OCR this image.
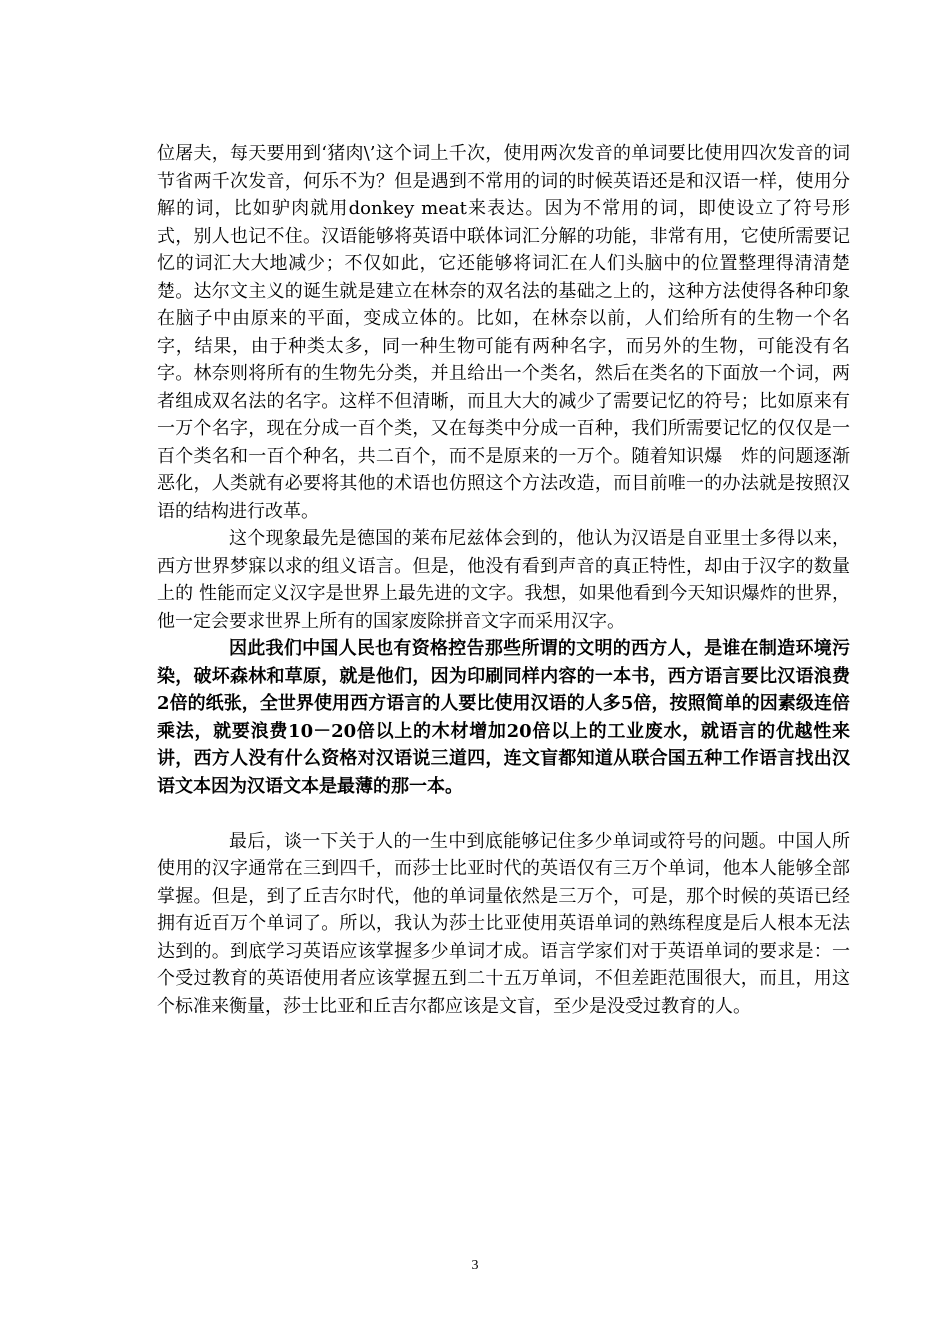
位屠夫，每天要用到‘猪肉\’这个词上千次，使用两次发音的单词要比使用四次发音的词节省两千次发音，何乐不为？但是遇到不常用的词的时候英语还是和汉语一样，使用分解的词，比如驴肉就用donkey meat来表达。因为不常用的词，即使设立了符号形式，别人也记不住。汉语能够将英语中联体词汇分解的功能，非常有用，它使所需要记忆的词汇大大地减少；不仅如此，它还能够将词汇在人们头脑中的位置整理得清清楚楚。达尔文主义的诞生就是建立在林奈的双名法的基础之上的，这种方法使得各种印象在脑子中由原来的平面，变成立体的。比如，在林奈以前，人们给所有的生物一个名字，结果，由于种类太多，同一种生物可能有两种名字，而另外的生物，可能没有名字。林奈则将所有的生物先分类，并且给出一个类名，然后在类名的下面放一个词，两者组成双名法的名字。这样不但清晰，而且大大的减少了需要记忆的符号；比如原来有一万个名字，现在分成一百个类，又在每类中分成一百种，我们所需要记忆的仅仅是一百个类名和一百个种名，共二百个，而不是原来的一万个。随着知识爆　炸的问题逐渐恶化，人类就有必要将其他的术语也仿照这个方法改造，而目前唯一的办法就是按照汉语的结构进行改革。

这个现象最先是德国的莱布尼兹体会到的，他认为汉语是自亚里士多得以来，西方世界梦寐以求的组义语言。但是，他没有看到声音的真正特性，却由于汉字的数量上的 性能而定义汉字是世界上最先进的文字。我想，如果他看到今天知识爆炸的世界，他一定会要求世界上所有的国家废除拼音文字而采用汉字。

因此我们中国人民也有资格控告那些所谓的文明的西方人，是谁在制造环境污染，破坏森林和草原，就是他们，因为印刷同样内容的一本书，西方语言要比汉语浪费2倍的纸张，全世界使用西方语言的人要比使用汉语的人多5倍，按照简单的因素级连倍乘法，就要浪费10－20倍以上的木材增加20倍以上的工业废水，就语言的优越性来讲，西方人没有什么资格对汉语说三道四，连文盲都知道从联合国五种工作语言找出汉语文本因为汉语文本是最薄的那一本。

最后，谈一下关于人的一生中到底能够记住多少单词或符号的问题。中国人所使用的汉字通常在三到四千，而莎士比亚时代的英语仅有三万个单词，他本人能够全部掌握。但是，到了丘吉尔时代，他的单词量依然是三万个，可是，那个时候的英语已经拥有近百万个单词了。所以，我认为莎士比亚使用英语单词的熟练程度是后人根本无法达到的。到底学习英语应该掌握多少单词才成。语言学家们对于英语单词的要求是：一个受过教育的英语使用者应该掌握五到二十五万单词，不但差距范围很大，而且，用这个标准来衡量，莎士比亚和丘吉尔都应该是文盲，至少是没受过教育的人。

3
